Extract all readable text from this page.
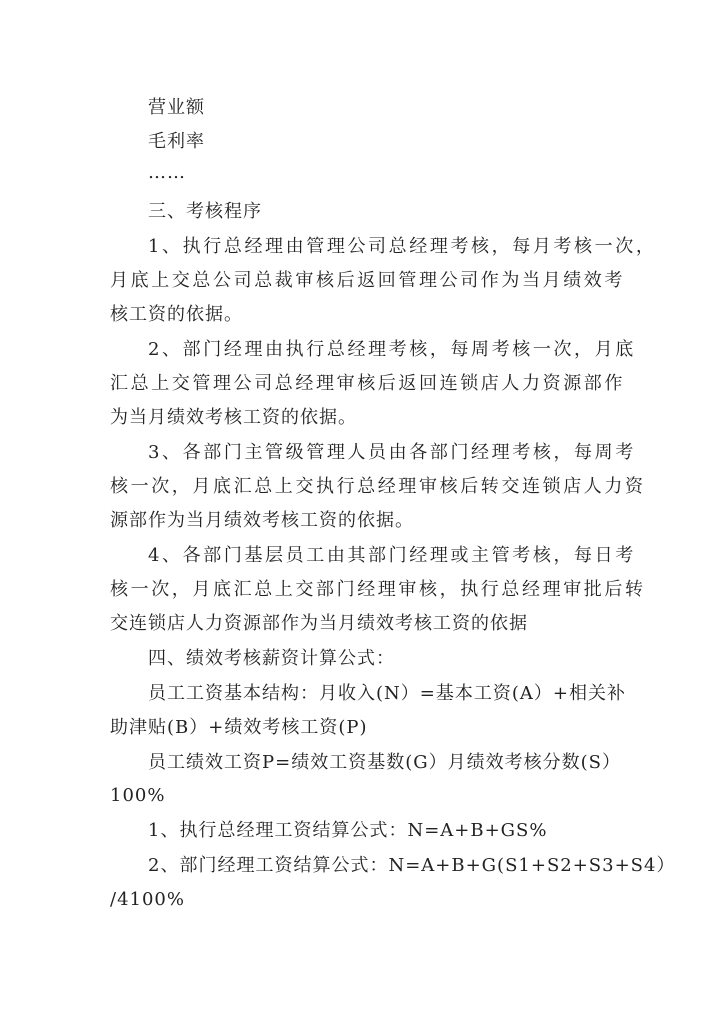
营业额
毛利率
……
三、考核程序
1、执行总经理由管理公司总经理考核，每月考核一次，
月底上交总公司总裁审核后返回管理公司作为当月绩效考
核工资的依据。
2、部门经理由执行总经理考核，每周考核一次，月底
汇总上交管理公司总经理审核后返回连锁店人力资源部作
为当月绩效考核工资的依据。
3、各部门主管级管理人员由各部门经理考核，每周考
核一次，月底汇总上交执行总经理审核后转交连锁店人力资
源部作为当月绩效考核工资的依据。
4、各部门基层员工由其部门经理或主管考核，每日考
核一次，月底汇总上交部门经理审核，执行总经理审批后转
交连锁店人力资源部作为当月绩效考核工资的依据
四、绩效考核薪资计算公式：
员工工资基本结构：月收入(N）=基本工资(A）+相关补
助津贴(B）+绩效考核工资(P)
员工绩效工资P=绩效工资基数(G）月绩效考核分数(S）
100%
1、执行总经理工资结算公式：N=A+B+GS%
2、部门经理工资结算公式：N=A+B+G(S1+S2+S3+S4）
/4100%
